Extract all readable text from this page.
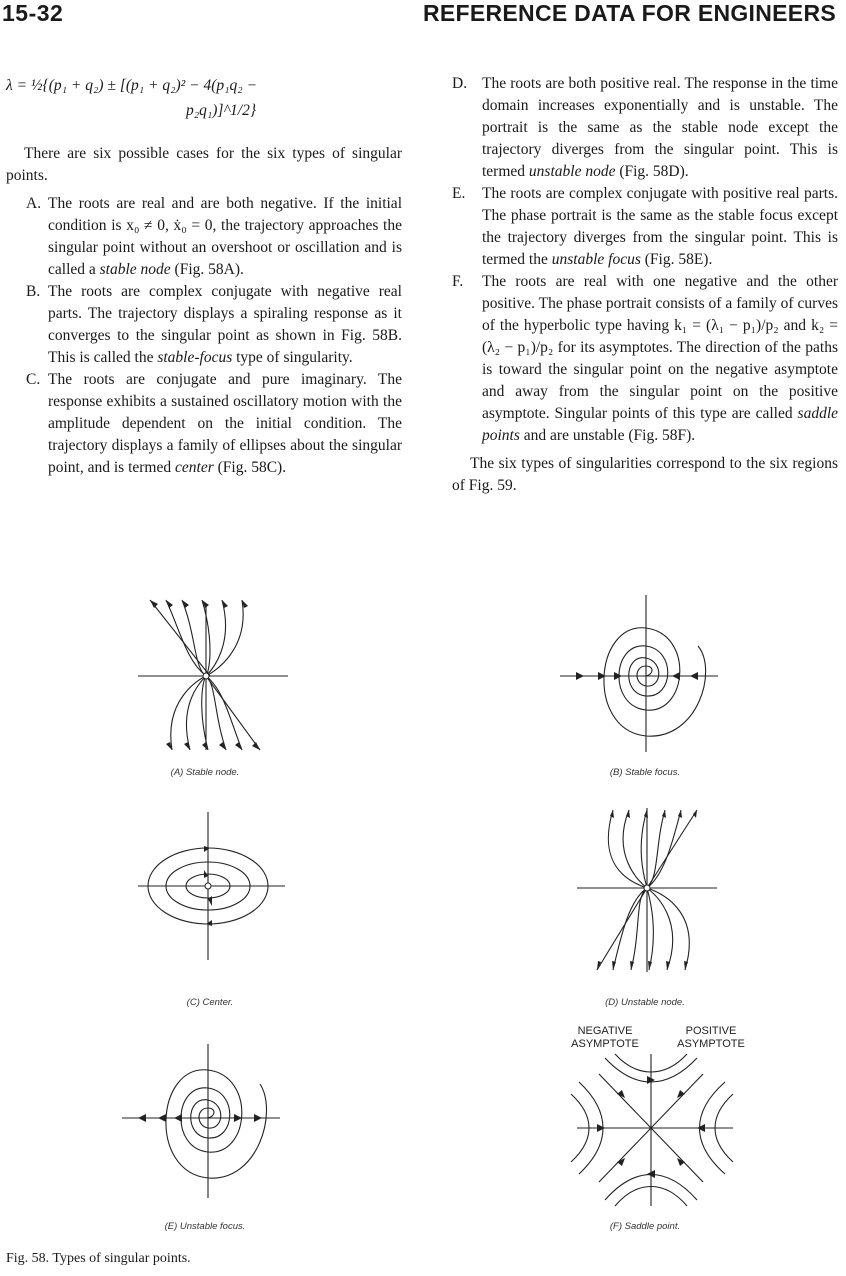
15-32	REFERENCE DATA FOR ENGINEERS
λ = ½{(p₁ + q₂) ± [(p₁ + q₂)² − 4(p₁q₂ −
p₂q₁)]^1/2}

There are six possible cases for the six types of singular points.

A. The roots are real and are both negative. If the initial condition is x₀ ≠ 0, ẋ₀ = 0, the trajectory approaches the singular point without an overshoot or oscillation and is called a stable node (Fig. 58A).

B. The roots are complex conjugate with negative real parts. The trajectory displays a spiraling response as it converges to the singular point as shown in Fig. 58B. This is called the stable-focus type of singularity.

C. The roots are conjugate and pure imaginary. The response exhibits a sustained oscillatory motion with the amplitude dependent on the initial condition. The trajectory displays a family of ellipses about the singular point, and is termed center (Fig. 58C).

D. The roots are both positive real. The response in the time domain increases exponentially and is unstable. The portrait is the same as the stable node except the trajectory diverges from the singular point. This is termed unstable node (Fig. 58D).

E. The roots are complex conjugate with positive real parts. The phase portrait is the same as the stable focus except the trajectory diverges from the singular point. This is termed the unstable focus (Fig. 58E).

F. The roots are real with one negative and the other positive. The phase portrait consists of a family of curves of the hyperbolic type having k₁ = (λ₁ − p₁)/p₂ and k₂ = (λ₂ − p₁)/p₂ for its asymptotes. The direction of the paths is toward the singular point on the negative asymptote and away from the singular point on the positive asymptote. Singular points of this type are called saddle points and are unstable (Fig. 58F).

The six types of singularities correspond to the six regions of Fig. 59.

(A) Stable node.	(B) Stable focus.
(C) Center.	(D) Unstable node.
(E) Unstable focus.
NEGATIVE ASYMPTOTE
POSITIVE ASYMPTOTE
(F) Saddle point.
Fig. 58. Types of singular points.
